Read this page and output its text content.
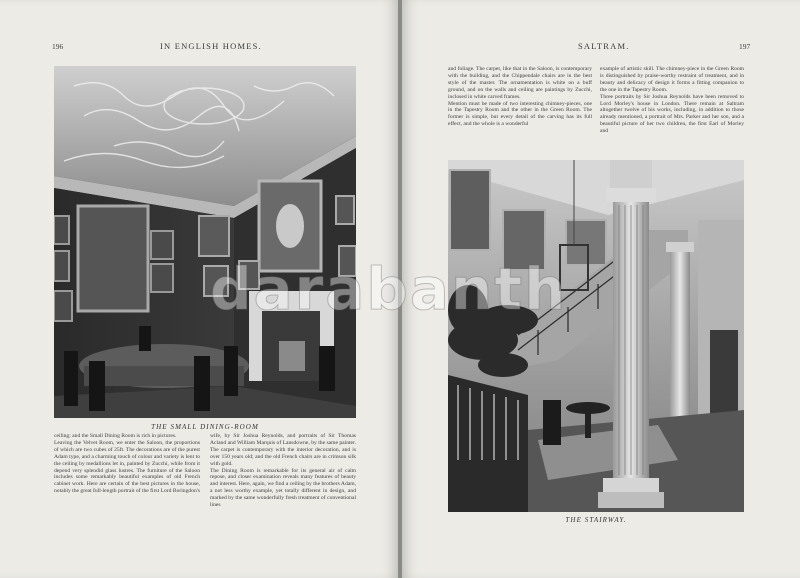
196	IN ENGLISH HOMES.
THE SMALL DINING-ROOM
ceiling; and the Small Dining Room is rich in pictures.
Leaving the Velvet Room, we enter the Saloon, the proportions of which are two cubes of 25ft. The decorations are of the purest Adam type, and a charming touch of colour and variety is lent to the ceiling by medallions let in, painted by Zucchi, while from it depend very splendid glass lustres. The furniture of the Saloon includes some remarkably beautiful examples of old French cabinet work. Here are certain of the best pictures in the house, notably the great full-length portrait of the first Lord Boringdon's
wife, by Sir Joshua Reynolds, and portraits of Sir Thomas Acland and William Marquis of Lansdowne, by the same painter. The carpet is contemporary with the interior decoration, and is over 150 years old; and the old French chairs are in crimson silk with gold.
The Dining Room is remarkable for its general air of calm repose, and closer examination reveals many features of beauty and interest. Here, again, we find a ceiling by the brothers Adam, a not less worthy example, yet totally different in design, and marked by the same wonderfully fresh treatment of conventional lines
SALTRAM.	197
and foliage. The carpet, like that in the Saloon, is contemporary with the building, and the Chippendale chairs are in the best style of the master. The ornamentation is white on a buff ground, and on the walls and ceiling are paintings by Zucchi, inclosed in white carved frames.
Mention must be made of two interesting chimney-pieces, one in the Tapestry Room and the other in the Green Room. The former is simple, but every detail of the carving has its full effect, and the whole is a wonderful
example of artistic skill. The chimney-piece in the Green Room is distinguished by praise-worthy restraint of treatment, and in beauty and delicacy of design it forms a fitting companion to the one in the Tapestry Room.
Three portraits by Sir Joshua Reynolds have been removed to Lord Morley's house in London. There remain at Saltram altogether twelve of his works, including, in addition to those already mentioned, a portrait of Mrs. Parker and her son, and a beautiful picture of her two children, the first Earl of Morley and
THE STAIRWAY.
darabanth
